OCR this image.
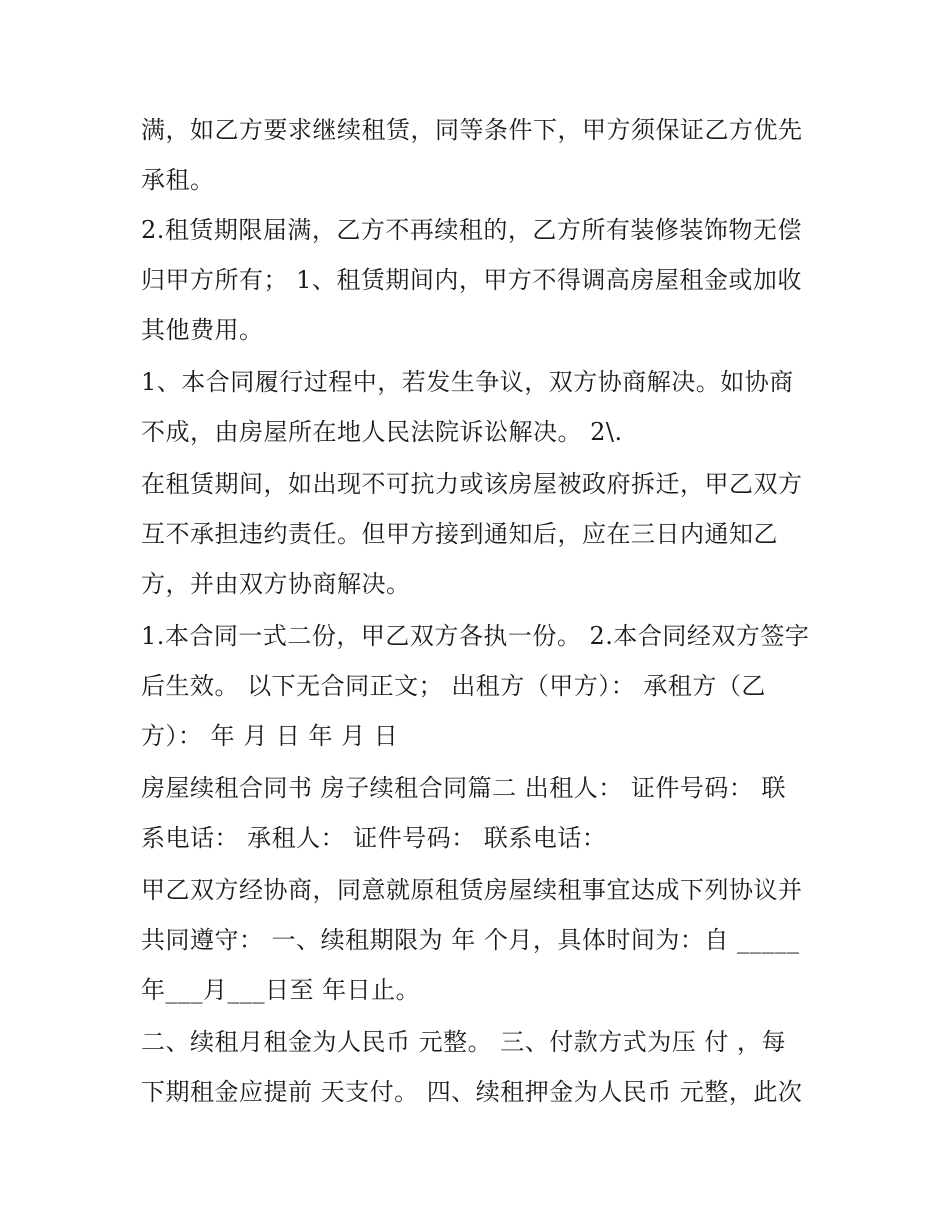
满，如乙方要求继续租赁，同等条件下，甲方须保证乙方优先
承租。
2.租赁期限届满，乙方不再续租的，乙方所有装修装饰物无偿
归甲方所有； 1、租赁期间内，甲方不得调高房屋租金或加收
其他费用。
1、本合同履行过程中，若发生争议，双方协商解决。如协商
不成，由房屋所在地人民法院诉讼解决。 2\.
在租赁期间，如出现不可抗力或该房屋被政府拆迁，甲乙双方
互不承担违约责任。但甲方接到通知后，应在三日内通知乙
方，并由双方协商解决。
1.本合同一式二份，甲乙双方各执一份。 2.本合同经双方签字
后生效。 以下无合同正文； 出租方（甲方）： 承租方（乙
方）： 年 月 日 年 月 日
房屋续租合同书 房子续租合同篇二 出租人： 证件号码： 联
系电话： 承租人： 证件号码： 联系电话：
甲乙双方经协商，同意就原租赁房屋续租事宜达成下列协议并
共同遵守： 一、续租期限为 年 个月，具体时间为：自 _____
年___月___日至 年日止。
二、续租月租金为人民币 元整。 三、付款方式为压 付 ，每
下期租金应提前 天支付。 四、续租押金为人民币 元整，此次
